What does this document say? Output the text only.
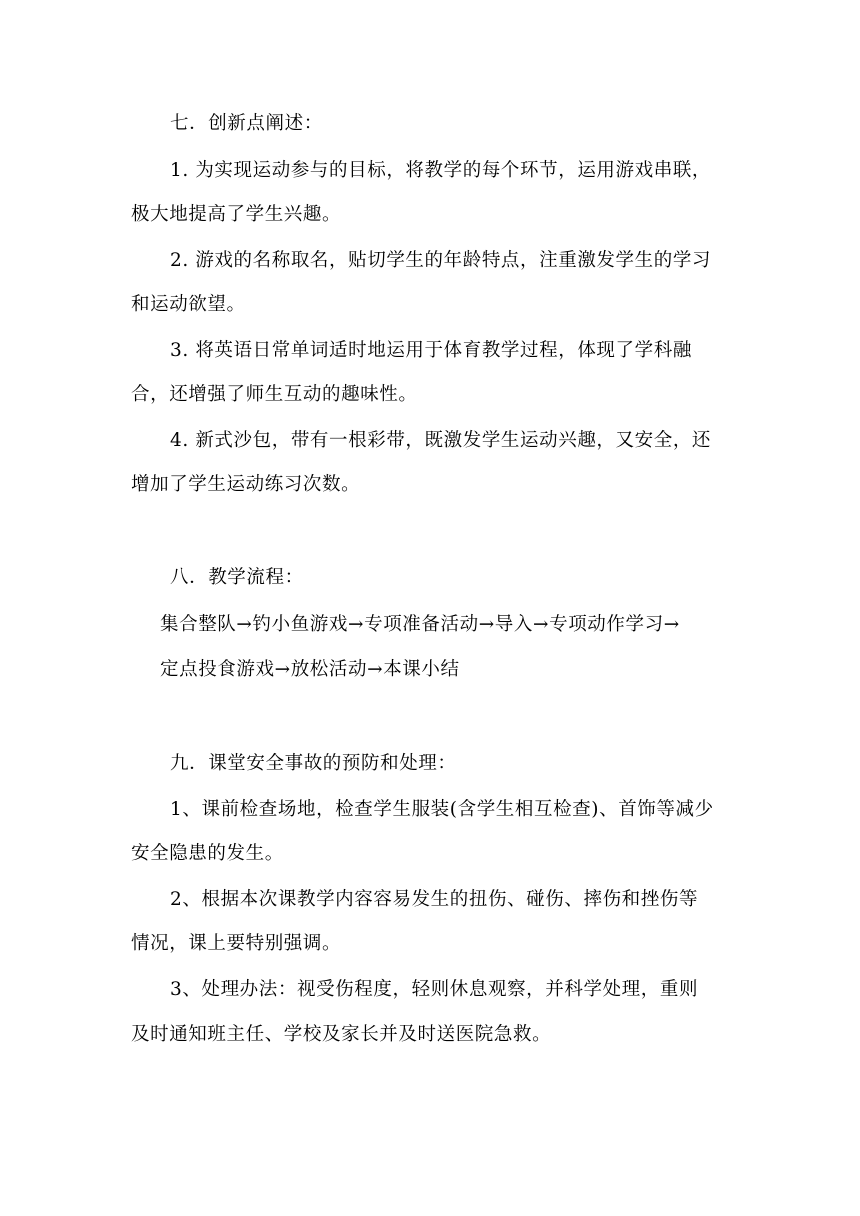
七．创新点阐述：
1. 为实现运动参与的目标，将教学的每个环节，运用游戏串联，
极大地提高了学生兴趣。
2. 游戏的名称取名，贴切学生的年龄特点，注重激发学生的学习
和运动欲望。
3. 将英语日常单词适时地运用于体育教学过程，体现了学科融
合，还增强了师生互动的趣味性。
4. 新式沙包，带有一根彩带，既激发学生运动兴趣，又安全，还
增加了学生运动练习次数。
八．教学流程：
集合整队→钓小鱼游戏→专项准备活动→导入→专项动作学习→
定点投食游戏→放松活动→本课小结
九．课堂安全事故的预防和处理：
1、课前检查场地，检查学生服装(含学生相互检查)、首饰等减少
安全隐患的发生。
2、根据本次课教学内容容易发生的扭伤、碰伤、摔伤和挫伤等
情况，课上要特别强调。
3、处理办法：视受伤程度，轻则休息观察，并科学处理，重则
及时通知班主任、学校及家长并及时送医院急救。
